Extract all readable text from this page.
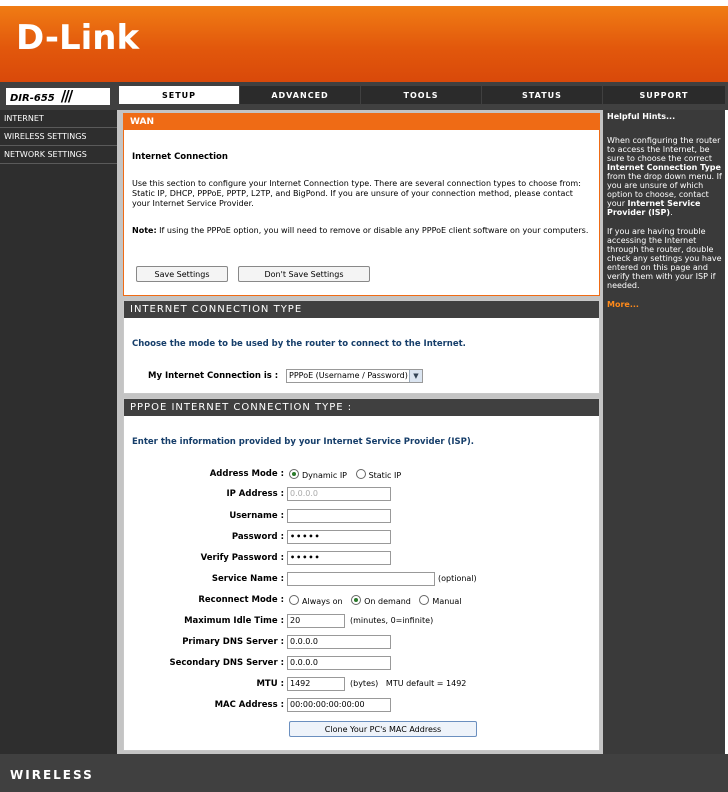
D-Link
DIR-655 ///	SETUP	ADVANCED	TOOLS	STATUS	SUPPORT
INTERNET
WIRELESS SETTINGS
NETWORK SETTINGS
WAN
Internet Connection
Use this section to configure your Internet Connection type. There are several connection types to choose from: Static IP, DHCP, PPPoE, PPTP, L2TP, and BigPond. If you are unsure of your connection method, please contact your Internet Service Provider.
Note: If using the PPPoE option, you will need to remove or disable any PPPoE client software on your computers.
Save Settings	Don't Save Settings
INTERNET CONNECTION TYPE
Choose the mode to be used by the router to connect to the Internet.
My Internet Connection is :	PPPoE (Username / Password) ▼
PPPOE INTERNET CONNECTION TYPE :
Enter the information provided by your Internet Service Provider (ISP).
Address Mode :	Dynamic IP	Static IP
IP Address : 0.0.0.0
Username :
Password : •••••
Verify Password : •••••
Service Name :	(optional)
Reconnect Mode :	Always on	On demand	Manual
Maximum Idle Time : 20	(minutes, 0=infinite)
Primary DNS Server : 0.0.0.0
Secondary DNS Server : 0.0.0.0
MTU : 1492	(bytes)   MTU default = 1492
MAC Address : 00:00:00:00:00:00
Clone Your PC's MAC Address
Helpful Hints...

When configuring the router to access the Internet, be sure to choose the correct Internet Connection Type from the drop down menu. If you are unsure of which option to choose, contact your Internet Service Provider (ISP).

If you are having trouble accessing the Internet through the router, double check any settings you have entered on this page and verify them with your ISP if needed.

More...
WIRELESS
